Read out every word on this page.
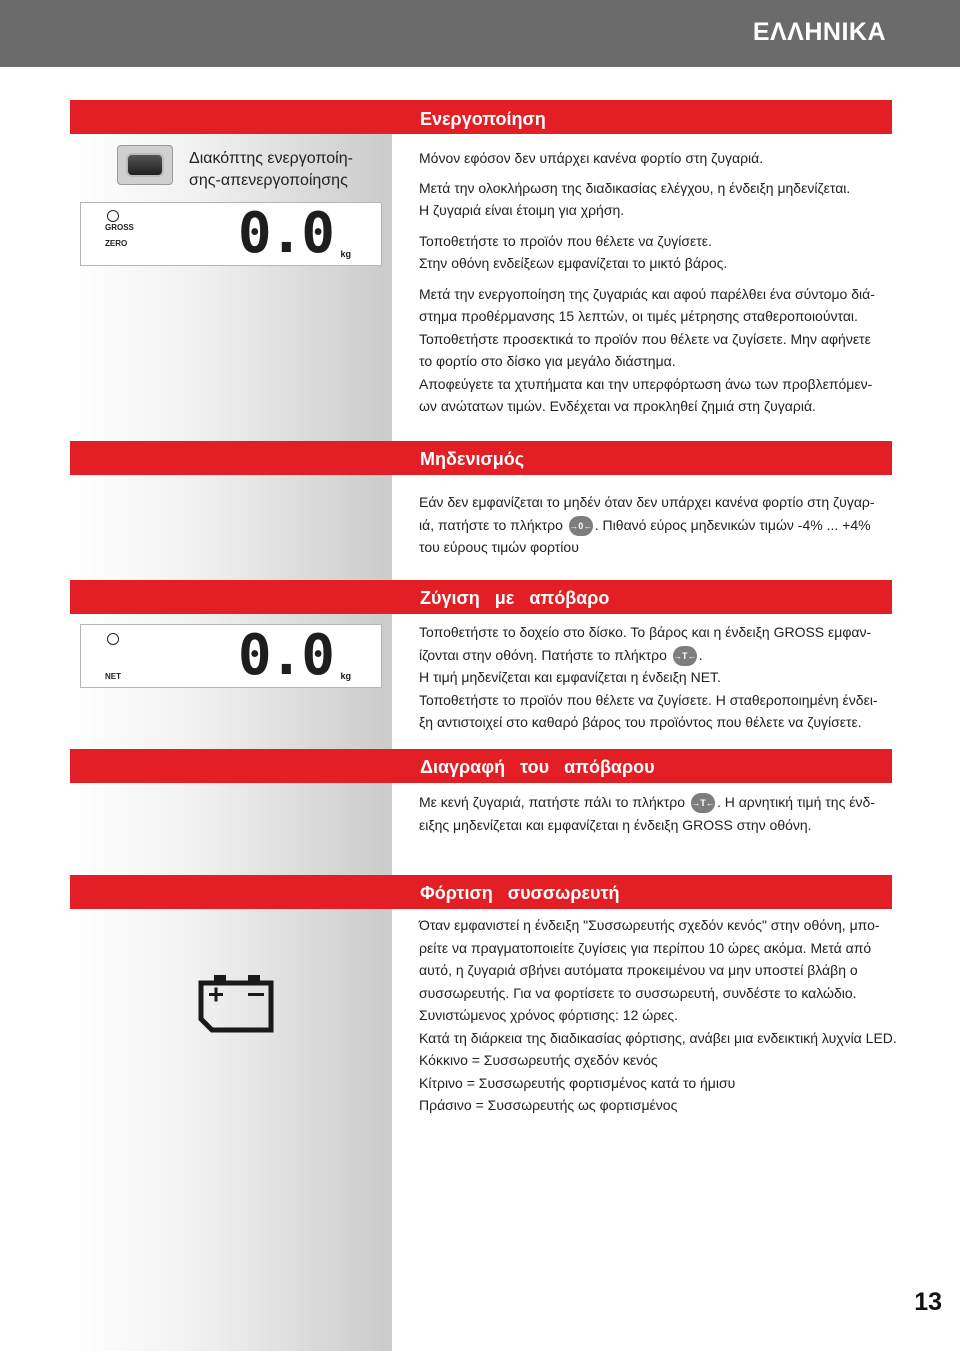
ΕΛΛΗΝΙΚΑ
Διακόπτης ενεργοποίη-
σης-απενεργοποίησης
GROSS
ZERO 0.0 kg
NET 0.0 kg
Ενεργοποίηση
Μόνον εφόσον δεν υπάρχει κανένα φορτίο στη ζυγαριά.
Μετά την ολοκλήρωση της διαδικασίας ελέγχου, η ένδειξη μηδενίζεται.
Η ζυγαριά είναι έτοιμη για χρήση.
Τοποθετήστε το προϊόν που θέλετε να ζυγίσετε.
Στην οθόνη ενδείξεων εμφανίζεται το μικτό βάρος.
Μετά την ενεργοποίηση της ζυγαριάς και αφού παρέλθει ένα σύντομο διά-
στημα προθέρμανσης 15 λεπτών, οι τιμές μέτρησης σταθεροποιούνται.
Τοποθετήστε προσεκτικά το προϊόν που θέλετε να ζυγίσετε. Μην αφήνετε
το φορτίο στο δίσκο για μεγάλο διάστημα.
Αποφεύγετε τα χτυπήματα και την υπερφόρτωση άνω των προβλεπόμεν-
ων ανώτατων τιμών. Ενδέχεται να προκληθεί ζημιά στη ζυγαριά.
Μηδενισμός
Εάν δεν εμφανίζεται το μηδέν όταν δεν υπάρχει κανένα φορτίο στη ζυγαρ-
ιά, πατήστε το πλήκτρο →0← . Πιθανό εύρος μηδενικών τιμών -4% ... +4%
του εύρους τιμών φορτίου
Ζύγιση   με   απόβαρο
Τοποθετήστε το δοχείο στο δίσκο. Το βάρος και η ένδειξη GROSS εμφαν-
ίζονται στην οθόνη. Πατήστε το πλήκτρο →T← .
Η τιμή μηδενίζεται και εμφανίζεται η ένδειξη NET.
Τοποθετήστε το προϊόν που θέλετε να ζυγίσετε. Η σταθεροποιημένη ένδει-
ξη αντιστοιχεί στο καθαρό βάρος του προϊόντος που θέλετε να ζυγίσετε.
Διαγραφή   του   απόβαρου
Με κενή ζυγαριά, πατήστε πάλι το πλήκτρο →T← . Η αρνητική τιμή της ένδ-
ειξης μηδενίζεται και εμφανίζεται η ένδειξη GROSS στην οθόνη.
Φόρτιση   συσσωρευτή
Όταν εμφανιστεί η ένδειξη "Συσσωρευτής σχεδόν κενός" στην οθόνη, μπο-
ρείτε να πραγματοποιείτε ζυγίσεις για περίπου 10 ώρες ακόμα. Μετά από
αυτό, η ζυγαριά σβήνει αυτόματα προκειμένου να μην υποστεί βλάβη ο
συσσωρευτής. Για να φορτίσετε το συσσωρευτή, συνδέστε το καλώδιο.
Συνιστώμενος χρόνος φόρτισης: 12 ώρες.
Κατά τη διάρκεια της διαδικασίας φόρτισης, ανάβει μια ενδεικτική λυχνία LED.
Κόκκινο = Συσσωρευτής σχεδόν κενός
Κίτρινο = Συσσωρευτής φορτισμένος κατά το ήμισυ
Πράσινο = Συσσωρευτής ως φορτισμένος
13
